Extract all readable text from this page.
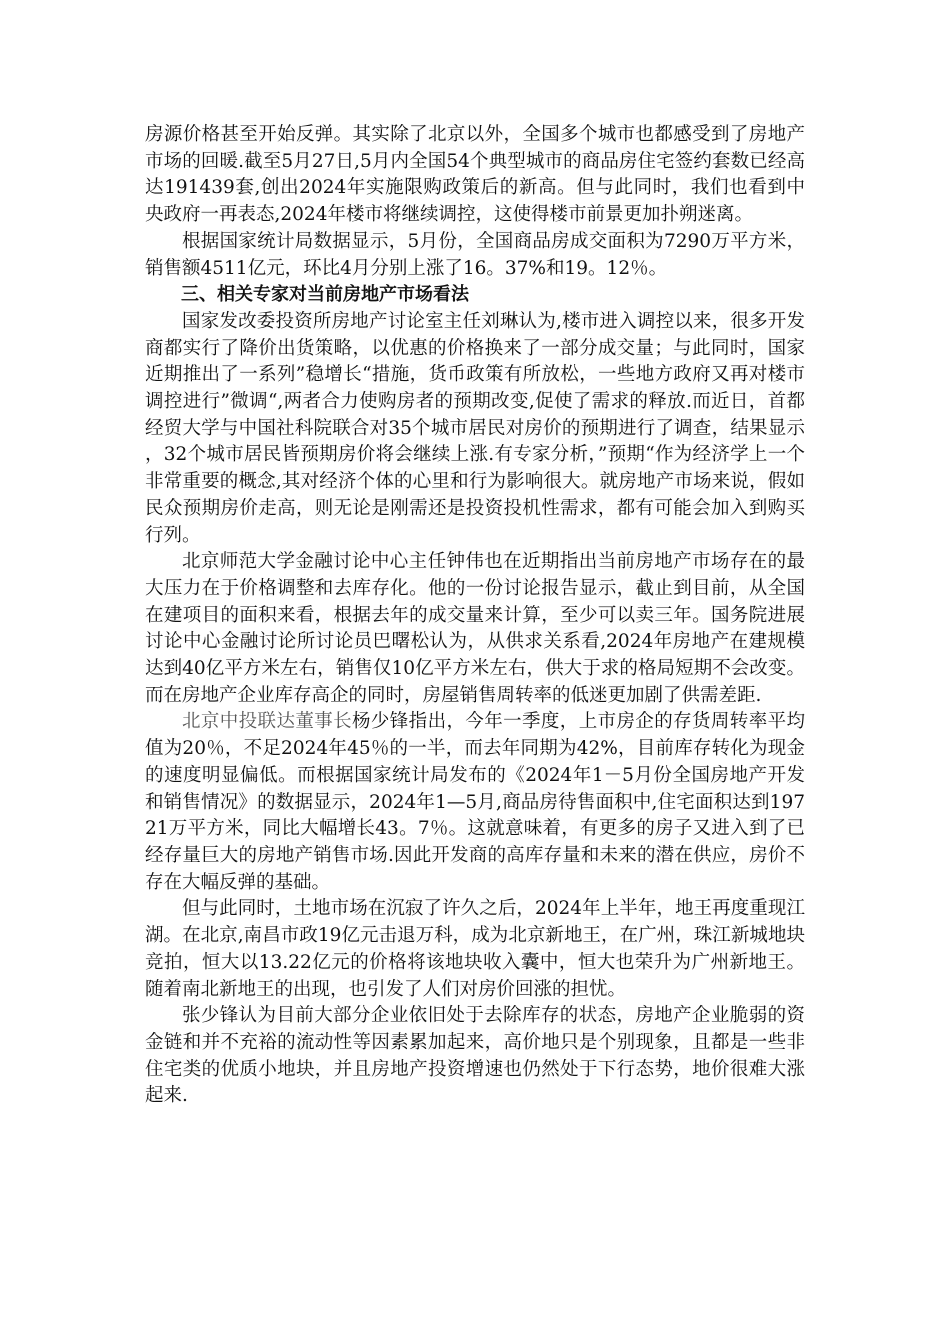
房源价格甚至开始反弹。其实除了北京以外，全国多个城市也都感受到了房地产市场的回暖.截至5月27日,5月内全国54个典型城市的商品房住宅签约套数已经高达191439套,创出2024年实施限购政策后的新高。但与此同时，我们也看到中央政府一再表态,2024年楼市将继续调控，这使得楼市前景更加扑朔迷离。

根据国家统计局数据显示，5月份，全国商品房成交面积为7290万平方米，销售额4511亿元，环比4月分别上涨了16。37%和19。12％。

三、相关专家对当前房地产市场看法

国家发改委投资所房地产讨论室主任刘琳认为,楼市进入调控以来，很多开发商都实行了降价出货策略，以优惠的价格换来了一部分成交量；与此同时，国家近期推出了一系列”稳增长“措施，货币政策有所放松，一些地方政府又再对楼市调控进行”微调“,两者合力使购房者的预期改变,促使了需求的释放.而近日，首都经贸大学与中国社科院联合对35个城市居民对房价的预期进行了调查，结果显示，32个城市居民皆预期房价将会继续上涨.有专家分析，”预期“作为经济学上一个非常重要的概念,其对经济个体的心里和行为影响很大。就房地产市场来说，假如民众预期房价走高，则无论是刚需还是投资投机性需求，都有可能会加入到购买行列。

北京师范大学金融讨论中心主任钟伟也在近期指出当前房地产市场存在的最大压力在于价格调整和去库存化。他的一份讨论报告显示，截止到目前，从全国在建项目的面积来看，根据去年的成交量来计算，至少可以卖三年。国务院进展讨论中心金融讨论所讨论员巴曙松认为，从供求关系看,2024年房地产在建规模达到40亿平方米左右，销售仅10亿平方米左右，供大于求的格局短期不会改变。而在房地产企业库存高企的同时，房屋销售周转率的低迷更加剧了供需差距.

北京中投联达董事长杨少锋指出，今年一季度，上市房企的存货周转率平均值为20％，不足2024年45％的一半，而去年同期为42%，目前库存转化为现金的速度明显偏低。而根据国家统计局发布的《2024年1－5月份全国房地产开发和销售情况》的数据显示，2024年1—5月,商品房待售面积中,住宅面积达到19721万平方米，同比大幅增长43。7％。这就意味着，有更多的房子又进入到了已经存量巨大的房地产销售市场.因此开发商的高库存量和未来的潜在供应，房价不存在大幅反弹的基础。

但与此同时，土地市场在沉寂了许久之后，2024年上半年，地王再度重现江湖。在北京,南昌市政19亿元击退万科，成为北京新地王，在广州，珠江新城地块竞拍，恒大以13.22亿元的价格将该地块收入囊中，恒大也荣升为广州新地王。随着南北新地王的出现，也引发了人们对房价回涨的担忧。

张少锋认为目前大部分企业依旧处于去除库存的状态，房地产企业脆弱的资金链和并不充裕的流动性等因素累加起来，高价地只是个别现象，且都是一些非住宅类的优质小地块，并且房地产投资增速也仍然处于下行态势，地价很难大涨起来.
